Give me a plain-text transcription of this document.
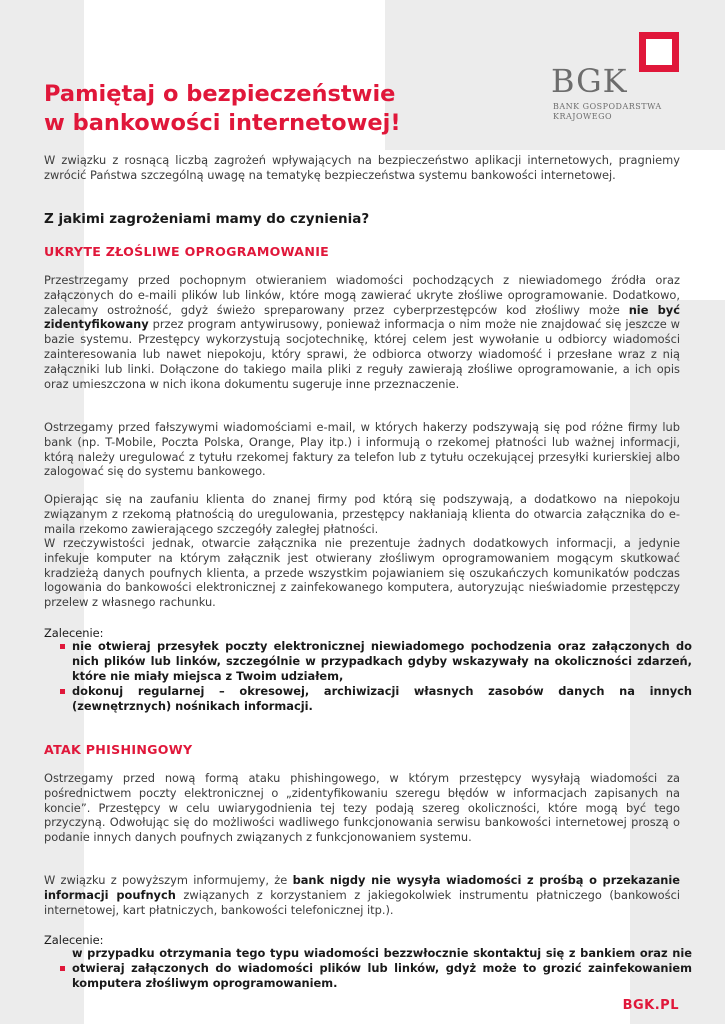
BGK
BANK GOSPODARSTWA
KRAJOWEGO
Pamiętaj o bezpieczeństwie
w bankowości internetowej!

W związku z rosnącą liczbą zagrożeń wpływających na bezpieczeństwo aplikacji internetowych, pragniemy zwrócić Państwa szczególną uwagę na tematykę bezpieczeństwa systemu bankowości internetowej.

Z jakimi zagrożeniami mamy do czynienia?
UKRYTE ZŁOŚLIWE OPROGRAMOWANIE

Przestrzegamy przed pochopnym otwieraniem wiadomości pochodzących z niewiadomego źródła oraz załączonych do e-maili plików lub linków, które mogą zawierać ukryte złośliwe oprogramowanie. Dodatkowo, zalecamy ostrożność, gdyż świeżo spreparowany przez cyberprzestępców kod złośliwy może nie być zidentyfikowany przez program antywirusowy, ponieważ informacja o nim może nie znajdować się jeszcze w bazie systemu. Przestępcy wykorzystują socjotechnikę, której celem jest wywołanie u odbiorcy wiadomości zainteresowania lub nawet niepokoju, który sprawi, że odbiorca otworzy wiadomość i przesłane wraz z nią załączniki lub linki. Dołączone do takiego maila pliki z reguły zawierają złośliwe oprogramowanie, a ich opis oraz umieszczona w nich ikona dokumentu sugeruje inne przeznaczenie.

Ostrzegamy przed fałszywymi wiadomościami e-mail, w których hakerzy podszywają się pod różne firmy lub bank (np. T-Mobile, Poczta Polska, Orange, Play itp.) i informują o rzekomej płatności lub ważnej informacji, którą należy uregulować z tytułu rzekomej faktury za telefon lub z tytułu oczekującej przesyłki kurierskiej albo zalogować się do systemu bankowego.

Opierając się na zaufaniu klienta do znanej firmy pod którą się podszywają, a dodatkowo na niepokoju związanym z rzekomą płatnością do uregulowania, przestępcy nakłaniają klienta do otwarcia załącznika do e-maila rzekomo zawierającego szczegóły zaległej płatności.

W rzeczywistości jednak, otwarcie załącznika nie prezentuje żadnych dodatkowych informacji, a jedynie infekuje komputer na którym załącznik jest otwierany złośliwym oprogramowaniem mogącym skutkować kradzieżą danych poufnych klienta, a przede wszystkim pojawianiem się oszukańczych komunikatów podczas logowania do bankowości elektronicznej z zainfekowanego komputera, autoryzując nieświadomie przestępczy przelew z własnego rachunku.

Zalecenie:

nie otwieraj przesyłek poczty elektronicznej niewiadomego pochodzenia oraz załączonych do nich plików lub linków, szczególnie w przypadkach gdyby wskazywały na okoliczności zdarzeń, które nie miały miejsca z Twoim udziałem,

dokonuj regularnej – okresowej, archiwizacji własnych zasobów danych na innych (zewnętrznych) nośnikach informacji.

ATAK PHISHINGOWY

Ostrzegamy przed nową formą ataku phishingowego, w którym przestępcy wysyłają wiadomości za pośrednictwem poczty elektronicznej o „zidentyfikowaniu szeregu błędów w informacjach zapisanych na koncie”. Przestępcy w celu uwiarygodnienia tej tezy podają szereg okoliczności, które mogą być tego przyczyną. Odwołując się do możliwości wadliwego funkcjonowania serwisu bankowości internetowej proszą o podanie innych danych poufnych związanych z funkcjonowaniem systemu.

W związku z powyższym informujemy, że bank nigdy nie wysyła wiadomości z prośbą o przekazanie informacji poufnych związanych z korzystaniem z jakiegokolwiek instrumentu płatniczego (bankowości internetowej, kart płatniczych, bankowości telefonicznej itp.).

Zalecenie:

w przypadku otrzymania tego typu wiadomości bezzwłocznie skontaktuj się z bankiem oraz nie otwieraj załączonych do wiadomości plików lub linków, gdyż może to grozić zainfekowaniem komputera złośliwym oprogramowaniem.

BGK.PL
